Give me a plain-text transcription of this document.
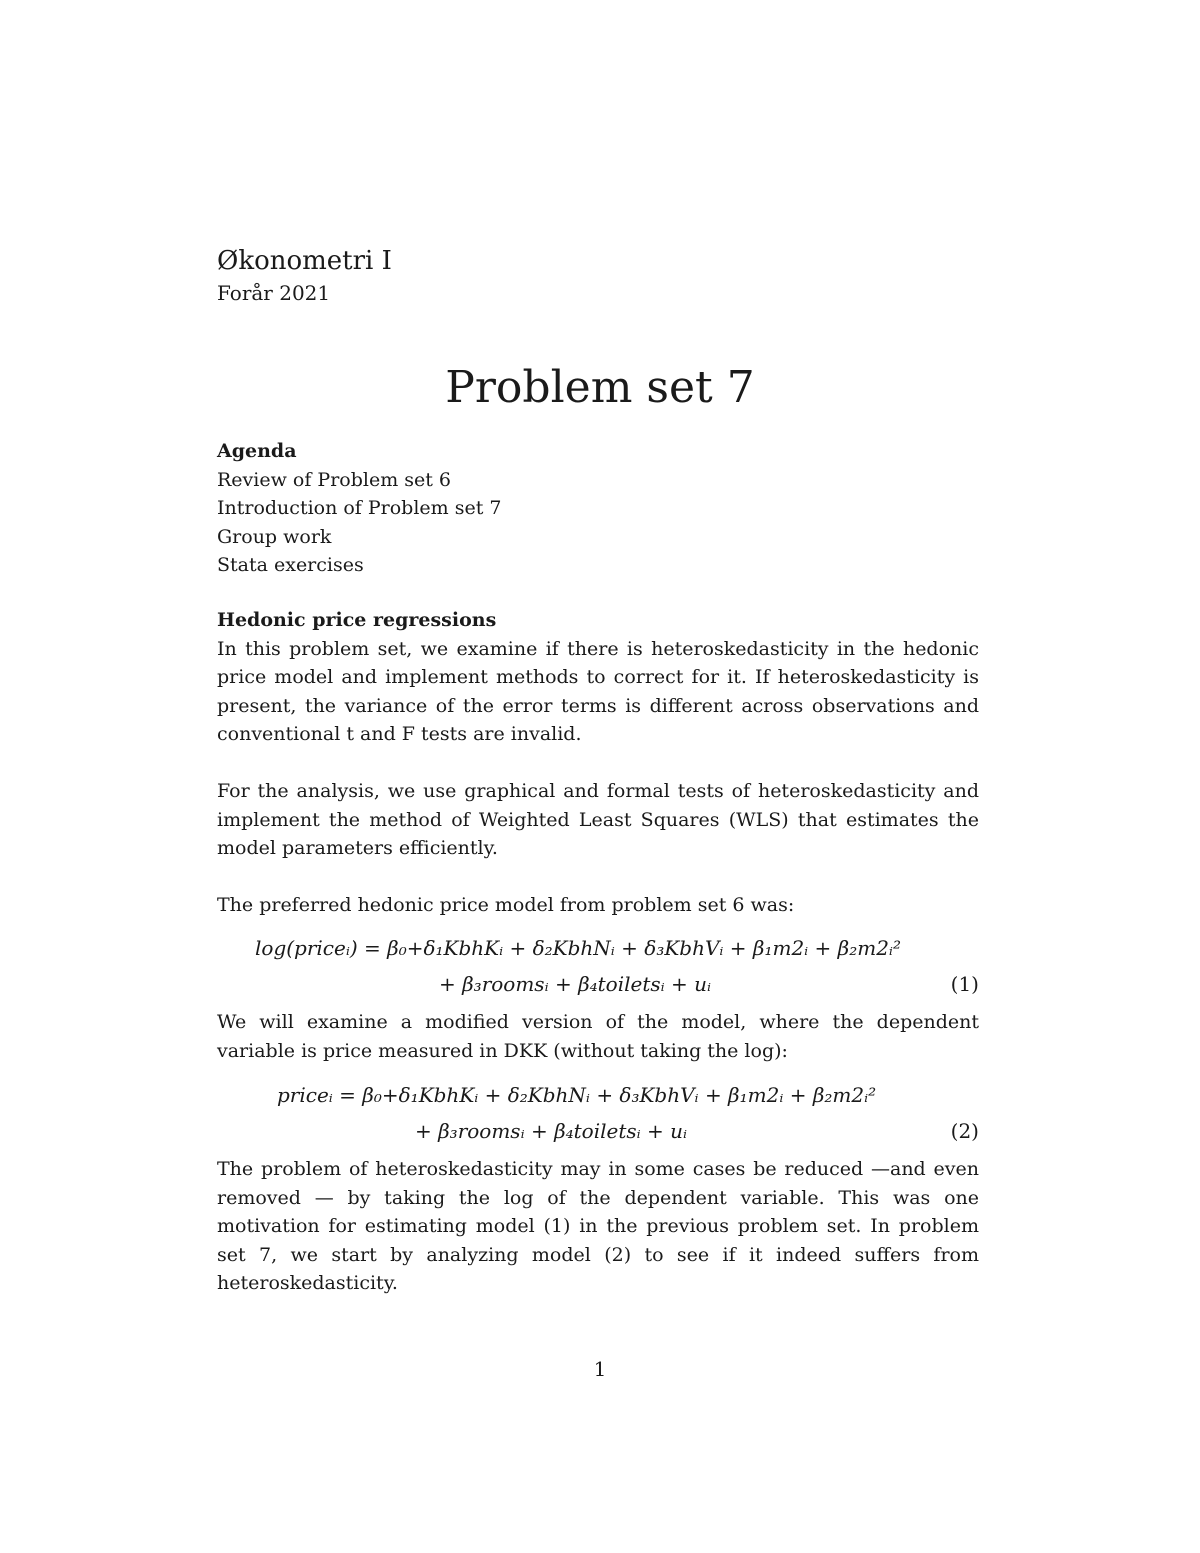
Økonometri I
Forår 2021
Problem set 7
Agenda
Review of Problem set 6
Introduction of Problem set 7
Group work
Stata exercises
Hedonic price regressions

In this problem set, we examine if there is heteroskedasticity in the hedonic price model and implement methods to correct for it. If heteroskedasticity is present, the variance of the error terms is different across observations and conventional t and F tests are invalid.

For the analysis, we use graphical and formal tests of heteroskedasticity and implement the method of Weighted Least Squares (WLS) that estimates the model parameters efficiently.

The preferred hedonic price model from problem set 6 was:

log(priceᵢ) = β₀+δ₁KbhKᵢ + δ₂KbhNᵢ + δ₃KbhVᵢ + β₁m2ᵢ + β₂m2ᵢ²
+ β₃roomsᵢ + β₄toiletsᵢ + uᵢ	(1)

We will examine a modified version of the model, where the dependent variable is price measured in DKK (without taking the log):

priceᵢ = β₀+δ₁KbhKᵢ + δ₂KbhNᵢ + δ₃KbhVᵢ + β₁m2ᵢ + β₂m2ᵢ²
+ β₃roomsᵢ + β₄toiletsᵢ + uᵢ	(2)

The problem of heteroskedasticity may in some cases be reduced —and even removed — by taking the log of the dependent variable. This was one motivation for estimating model (1) in the previous problem set. In problem set 7, we start by analyzing model (2) to see if it indeed suffers from heteroskedasticity.

1
